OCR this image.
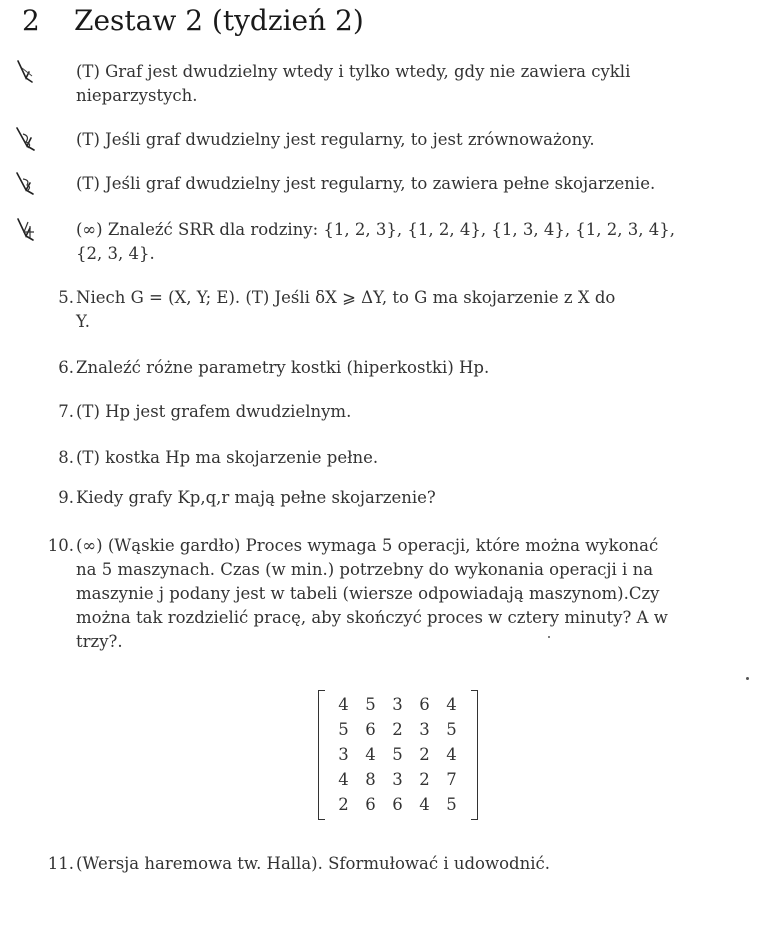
2 Zestaw 2 (tydzień 2)
(T) Graf jest dwudzielny wtedy i tylko wtedy, gdy nie zawiera cykli
nieparzystych.
(T) Jeśli graf dwudzielny jest regularny, to jest zrównoważony.
(T) Jeśli graf dwudzielny jest regularny, to zawiera pełne skojarzenie.
(∞) Znaleźć SRR dla rodziny: {1, 2, 3}, {1, 2, 4}, {1, 3, 4}, {1, 2, 3, 4},
{2, 3, 4}.
5. Niech G = (X, Y; E). (T) Jeśli δX ⩾ ΔY, to G ma skojarzenie z X do
Y.
6. Znaleźć różne parametry kostki (hiperkostki) Hp.
7. (T) Hp jest grafem dwudzielnym.
8. (T) kostka Hp ma skojarzenie pełne.
9. Kiedy grafy Kp,q,r mają pełne skojarzenie?
10. (∞) (Wąskie gardło) Proces wymaga 5 operacji, które można wykonać
na 5 maszynach. Czas (w min.) potrzebny do wykonania operacji i na
maszynie j podany jest w tabeli (wiersze odpowiadają maszynom).Czy
można tak rozdzielić pracę, aby skończyć proces w cztery minuty? A w
trzy?.
4	5	3	6	4
5	6	2	3	5
3	4	5	2	4
4	8	3	2	7
2	6	6	4	5
11. (Wersja haremowa tw. Halla). Sformułować i udowodnić.
